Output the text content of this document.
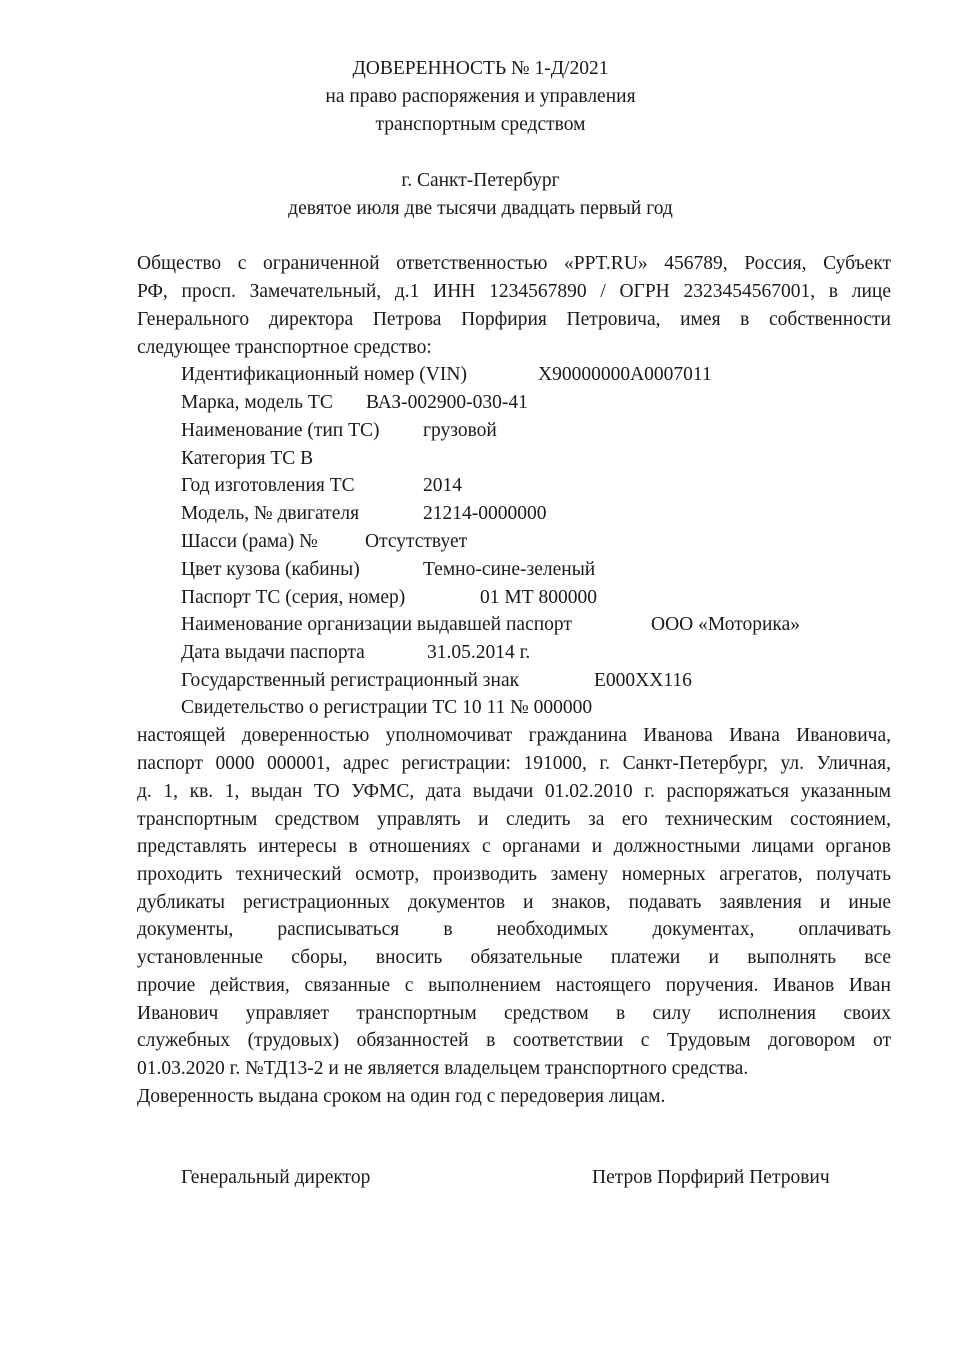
ДОВЕРЕННОСТЬ № 1-Д/2021
на право распоряжения и управления
транспортным средством
г. Санкт-Петербург
девятое июля две тысячи двадцать первый год
Общество с ограниченной ответственностью «PPT.RU» 456789, Россия, Субъект
РФ, просп. Замечательный, д.1 ИНН 1234567890 / ОГРН 2323454567001, в лице
Генерального директора Петрова Порфирия Петровича, имея в собственности
следующее транспортное средство:
Идентификационный номер (VIN)	X90000000A0007011
Марка, модель ТС ВАЗ-002900-030-41
Наименование (тип ТС) грузовой
Категория ТС B
Год изготовления ТС	2014
Модель, № двигателя	21214-0000000
Шасси (рама) № Отсутствует
Цвет кузова (кабины)	Темно-сине-зеленый
Паспорт ТС (серия, номер)	01 МТ 800000
Наименование организации выдавшей паспорт	ООО «Моторика»
Дата выдачи паспорта	31.05.2014 г.
Государственный регистрационный знак	Е000ХХ116
Свидетельство о регистрации ТС 10 11 № 000000
настоящей доверенностью уполномочиват гражданина Иванова Ивана Ивановича,
паспорт 0000 000001, адрес регистрации: 191000, г. Санкт-Петербург, ул. Уличная,
д. 1, кв. 1, выдан ТО УФМС, дата выдачи 01.02.2010 г. распоряжаться указанным
транспортным средством управлять и следить за его техническим состоянием,
представлять интересы в отношениях с органами и должностными лицами органов
проходить технический осмотр, производить замену номерных агрегатов, получать
дубликаты регистрационных документов и знаков, подавать заявления и иные
документы, расписываться в необходимых документах, оплачивать
установленные сборы, вносить обязательные платежи и выполнять все
прочие действия, связанные с выполнением настоящего поручения. Иванов Иван
Иванович управляет транспортным средством в силу исполнения своих
служебных (трудовых) обязанностей в соответствии с Трудовым договором от
01.03.2020 г. №ТД13-2 и не является владельцем транспортного средства.
Доверенность выдана сроком на один год с передоверия лицам.
Генеральный директор	Петров Порфирий Петрович
